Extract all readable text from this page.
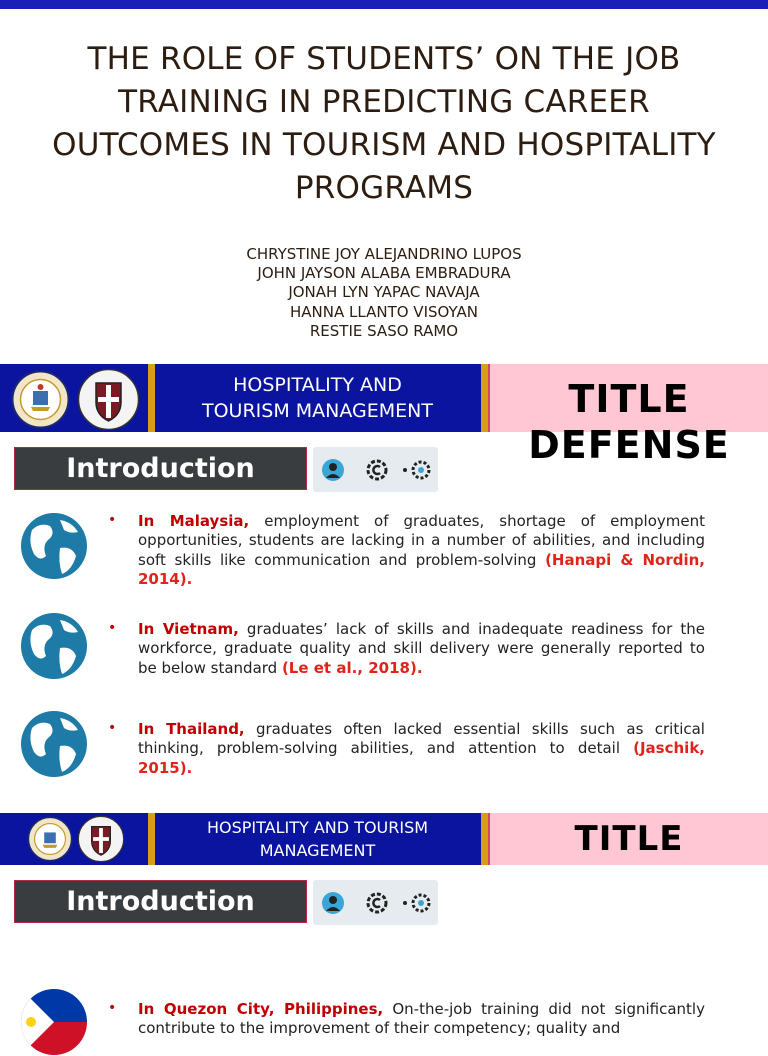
THE ROLE OF STUDENTS’ ON THE JOB TRAINING IN PREDICTING CAREER OUTCOMES IN TOURISM AND HOSPITALITY PROGRAMS
CHRYSTINE JOY ALEJANDRINO LUPOS
JOHN JAYSON ALABA EMBRADURA
JONAH LYN YAPAC NAVAJA
HANNA LLANTO VISOYAN
RESTIE SASO RAMO
HOSPITALITY AND
TOURISM MANAGEMENT	TITLE DEFENSE
Introduction
• In Malaysia, employment of graduates, shortage of employment opportunities, students are lacking in a number of abilities, and including soft skills like communication and problem-solving (Hanapi & Nordin, 2014).
• In Vietnam, graduates’ lack of skills and inadequate readiness for the workforce, graduate quality and skill delivery were generally reported to be below standard (Le et al., 2018).
• In Thailand, graduates often lacked essential skills such as critical thinking, problem-solving abilities, and attention to detail (Jaschik, 2015).
HOSPITALITY AND TOURISM
MANAGEMENT	TITLE
Introduction
• In Quezon City, Philippines, On-the-job training did not significantly contribute to the improvement of their competency; quality and
